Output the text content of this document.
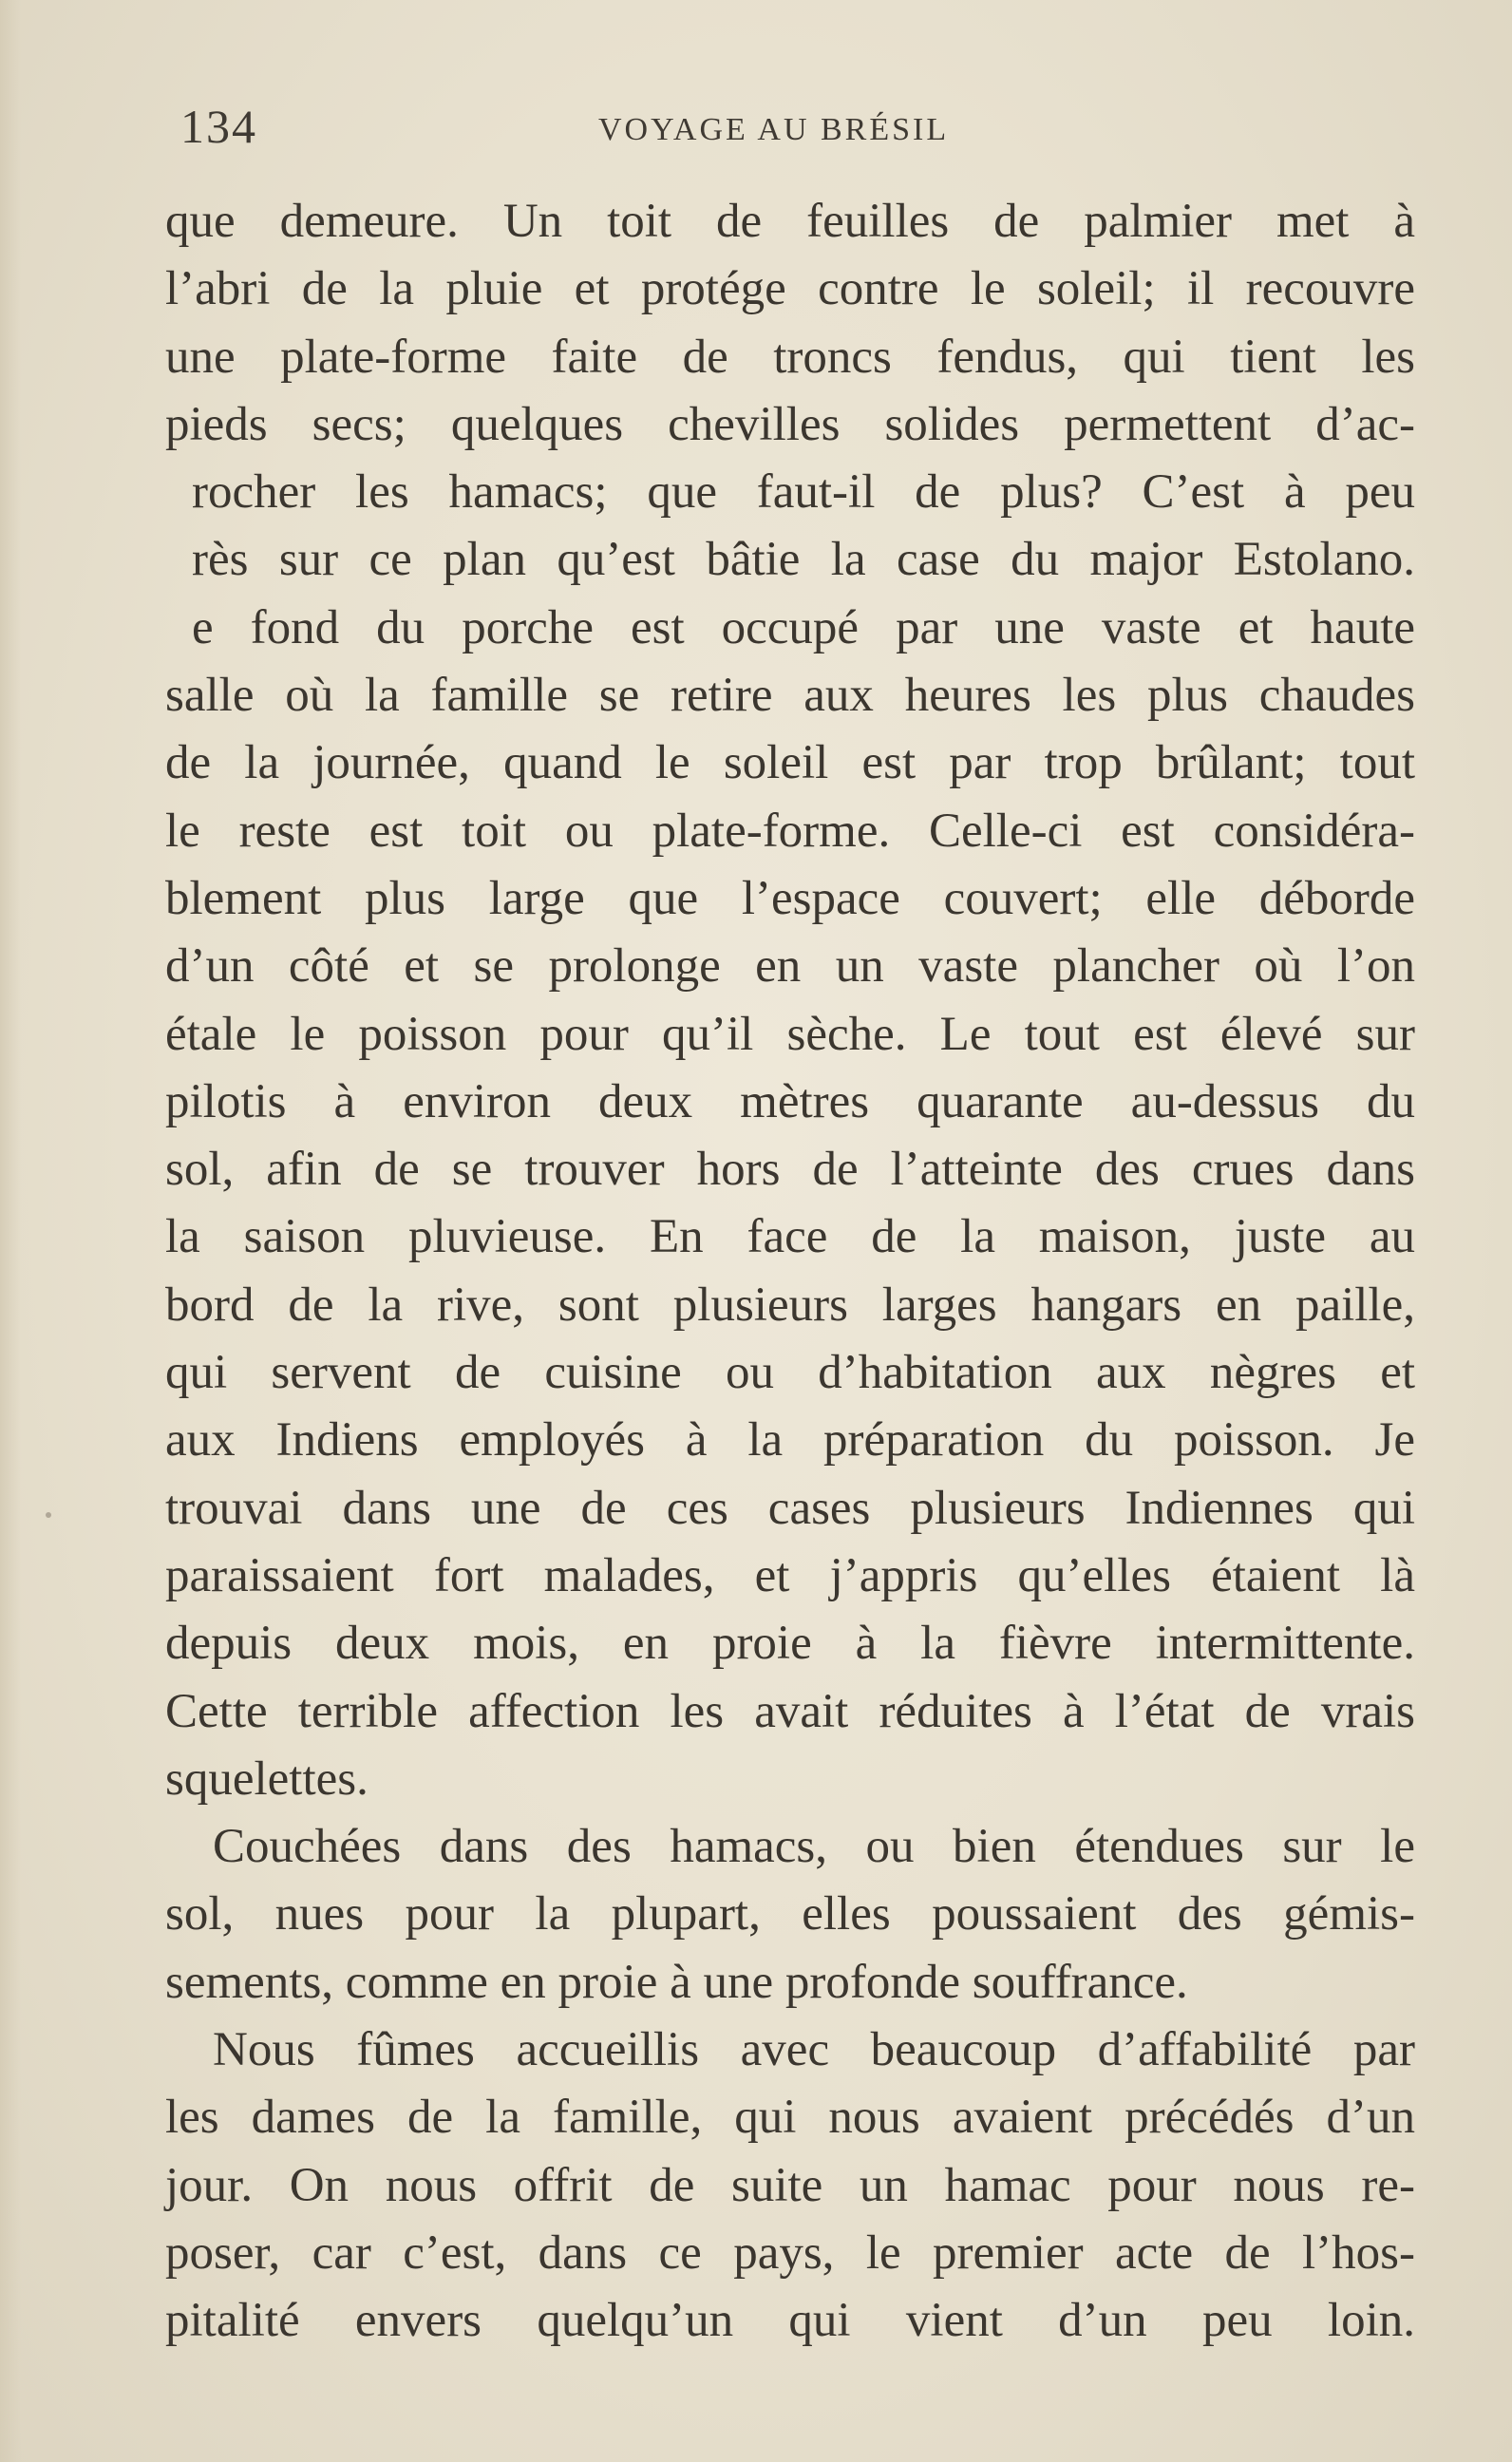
134	VOYAGE AU BRÉSIL
que demeure. Un toit de feuilles de palmier met à
l’abri de la pluie et protége contre le soleil; il recouvre
une plate-forme faite de troncs fendus, qui tient les
pieds secs; quelques chevilles solides permettent d’ac-
rocher les hamacs; que faut-il de plus? C’est à peu
rès sur ce plan qu’est bâtie la case du major Estolano.
e fond du porche est occupé par une vaste et haute
salle où la famille se retire aux heures les plus chaudes
de la journée, quand le soleil est par trop brûlant; tout
le reste est toit ou plate-forme. Celle-ci est considéra-
blement plus large que l’espace couvert; elle déborde
d’un côté et se prolonge en un vaste plancher où l’on
étale le poisson pour qu’il sèche. Le tout est élevé sur
pilotis à environ deux mètres quarante au-dessus du
sol, afin de se trouver hors de l’atteinte des crues dans
la saison pluvieuse. En face de la maison, juste au
bord de la rive, sont plusieurs larges hangars en paille,
qui servent de cuisine ou d’habitation aux nègres et
aux Indiens employés à la préparation du poisson. Je
trouvai dans une de ces cases plusieurs Indiennes qui
paraissaient fort malades, et j’appris qu’elles étaient là
depuis deux mois, en proie à la fièvre intermittente.
Cette terrible affection les avait réduites à l’état de vrais
squelettes.
Couchées dans des hamacs, ou bien étendues sur le
sol, nues pour la plupart, elles poussaient des gémis-
sements, comme en proie à une profonde souffrance.
Nous fûmes accueillis avec beaucoup d’affabilité par
les dames de la famille, qui nous avaient précédés d’un
jour. On nous offrit de suite un hamac pour nous re-
poser, car c’est, dans ce pays, le premier acte de l’hos-
pitalité envers quelqu’un qui vient d’un peu loin.
